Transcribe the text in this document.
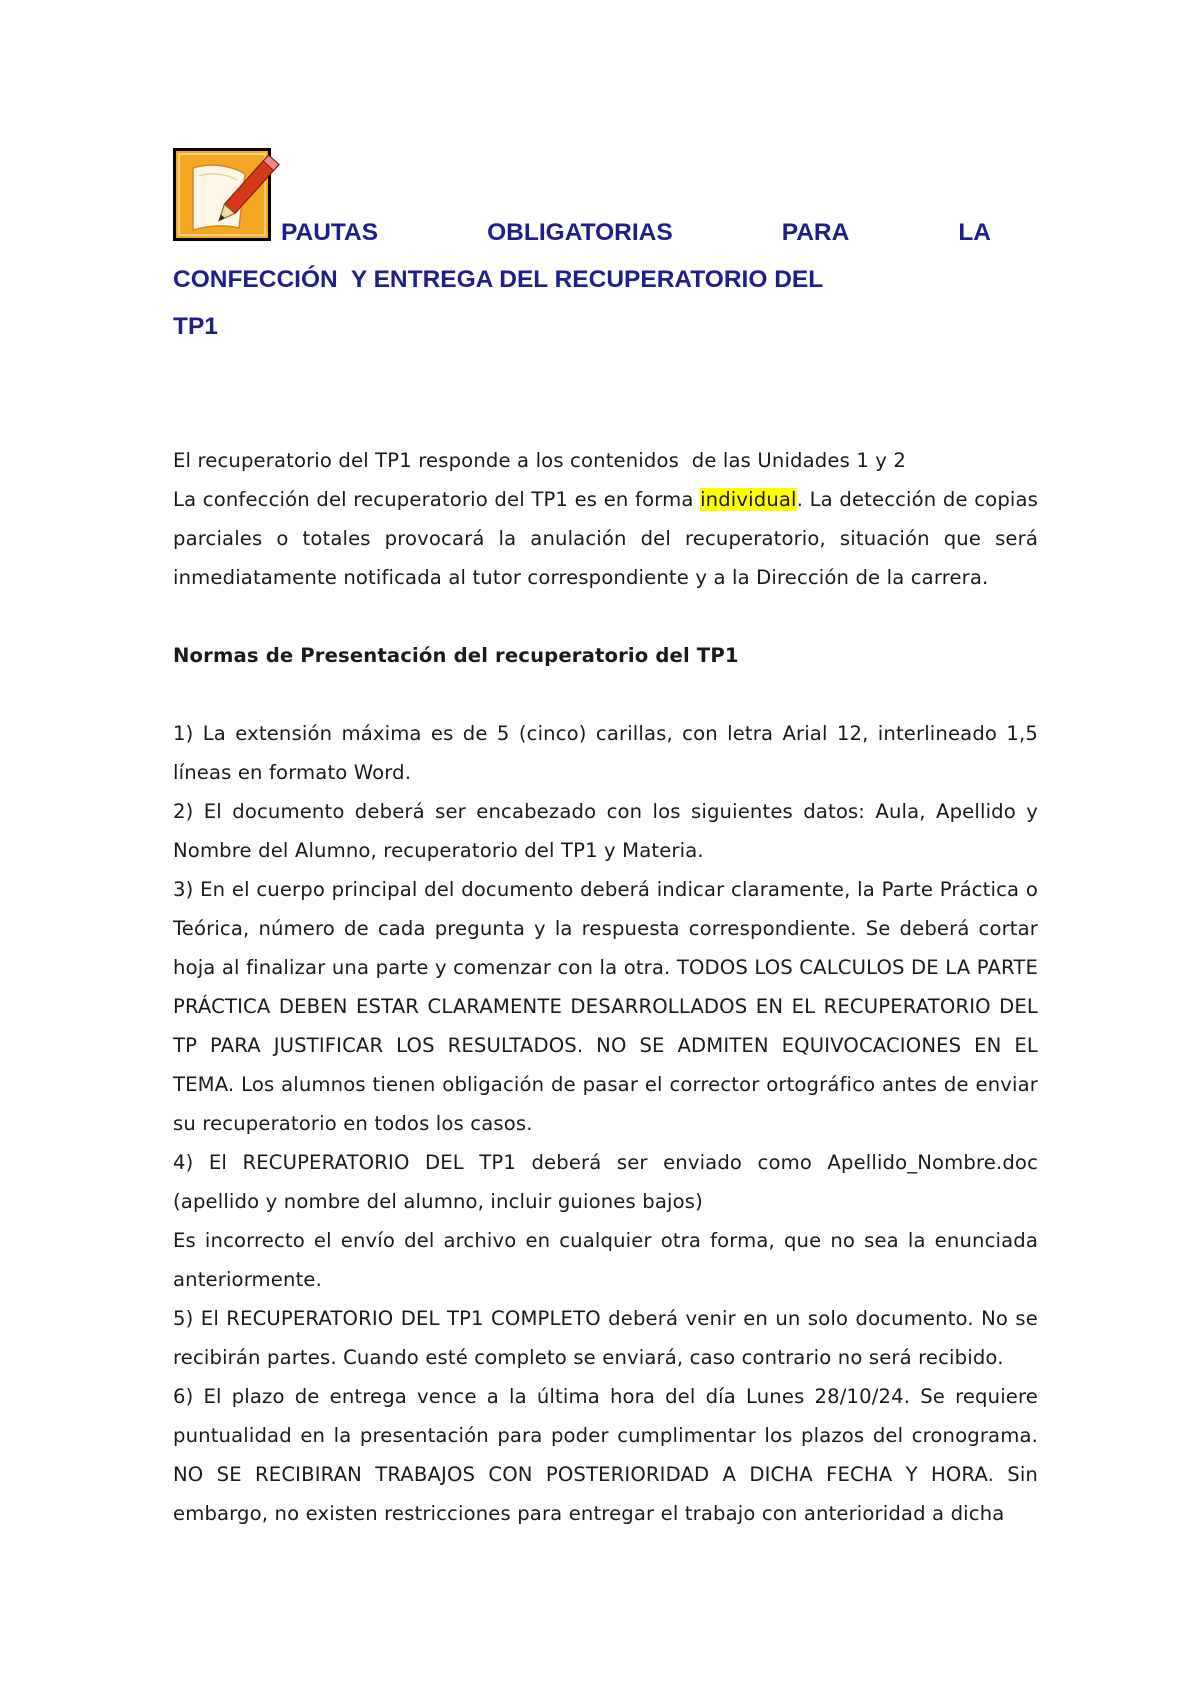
PAUTAS	OBLIGATORIAS	PARA	LA
CONFECCIÓN  Y ENTREGA DEL RECUPERATORIO DEL
TP1

El recuperatorio del TP1 responde a los contenidos  de las Unidades 1 y 2

La confección del recuperatorio del TP1 es en forma individual. La detección de copias parciales o totales provocará la anulación del recuperatorio, situación que será inmediatamente notificada al tutor correspondiente y a la Dirección de la carrera.

Normas de Presentación del recuperatorio del TP1

1) La extensión máxima es de 5 (cinco) carillas, con letra Arial 12, interlineado 1,5 líneas en formato Word.

2) El documento deberá ser encabezado con los siguientes datos: Aula, Apellido y Nombre del Alumno, recuperatorio del TP1 y Materia.

3) En el cuerpo principal del documento deberá indicar claramente, la Parte Práctica o Teórica, número de cada pregunta y la respuesta correspondiente. Se deberá cortar hoja al finalizar una parte y comenzar con la otra. TODOS LOS CALCULOS DE LA PARTE PRÁCTICA DEBEN ESTAR CLARAMENTE DESARROLLADOS EN EL RECUPERATORIO DEL TP PARA JUSTIFICAR LOS RESULTADOS. NO SE ADMITEN EQUIVOCACIONES EN EL TEMA. Los alumnos tienen obligación de pasar el corrector ortográfico antes de enviar su recuperatorio en todos los casos.

4) El RECUPERATORIO DEL TP1 deberá ser enviado como Apellido_Nombre.doc (apellido y nombre del alumno, incluir guiones bajos)

Es incorrecto el envío del archivo en cualquier otra forma, que no sea la enunciada anteriormente.

5) El RECUPERATORIO DEL TP1 COMPLETO deberá venir en un solo documento. No se recibirán partes. Cuando esté completo se enviará, caso contrario no será recibido.

6) El plazo de entrega vence a la última hora del día Lunes 28/10/24. Se requiere puntualidad en la presentación para poder cumplimentar los plazos del cronograma. NO SE RECIBIRAN TRABAJOS CON POSTERIORIDAD A DICHA FECHA Y HORA. Sin embargo, no existen restricciones para entregar el trabajo con anterioridad a dicha
